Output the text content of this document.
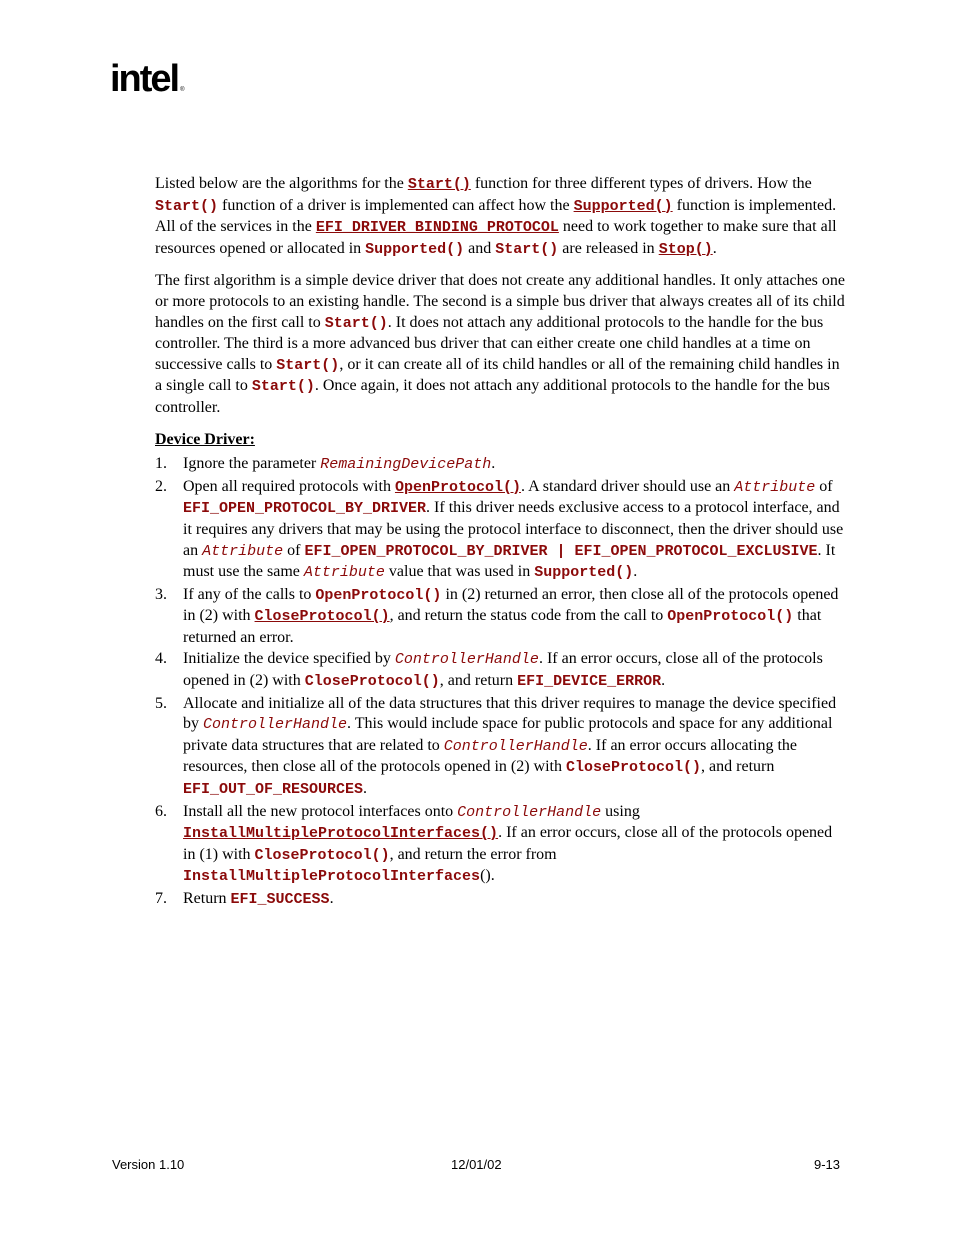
intel ®

Listed below are the algorithms for the Start() function for three different types of drivers. How the Start() function of a driver is implemented can affect how the Supported() function is implemented. All of the services in the EFI_DRIVER_BINDING_PROTOCOL need to work together to make sure that all resources opened or allocated in Supported() and Start() are released in Stop().

The first algorithm is a simple device driver that does not create any additional handles. It only attaches one or more protocols to an existing handle. The second is a simple bus driver that always creates all of its child handles on the first call to Start(). It does not attach any additional protocols to the handle for the bus controller. The third is a more advanced bus driver that can either create one child handles at a time on successive calls to Start(), or it can create all of its child handles or all of the remaining child handles in a single call to Start(). Once again, it does not attach any additional protocols to the handle for the bus controller.

Device Driver:
1. Ignore the parameter RemainingDevicePath.
2. Open all required protocols with OpenProtocol(). A standard driver should use an Attribute of EFI_OPEN_PROTOCOL_BY_DRIVER. If this driver needs exclusive access to a protocol interface, and it requires any drivers that may be using the protocol interface to disconnect, then the driver should use an Attribute of EFI_OPEN_PROTOCOL_BY_DRIVER | EFI_OPEN_PROTOCOL_EXCLUSIVE. It must use the same Attribute value that was used in Supported().
3. If any of the calls to OpenProtocol() in (2) returned an error, then close all of the protocols opened in (2) with CloseProtocol(), and return the status code from the call to OpenProtocol() that returned an error.
4. Initialize the device specified by ControllerHandle. If an error occurs, close all of the protocols opened in (2) with CloseProtocol(), and return EFI_DEVICE_ERROR.
5. Allocate and initialize all of the data structures that this driver requires to manage the device specified by ControllerHandle. This would include space for public protocols and space for any additional private data structures that are related to ControllerHandle. If an error occurs allocating the resources, then close all of the protocols opened in (2) with CloseProtocol(), and return EFI_OUT_OF_RESOURCES.
6. Install all the new protocol interfaces onto ControllerHandle using InstallMultipleProtocolInterfaces(). If an error occurs, close all of the protocols opened in (1) with CloseProtocol(), and return the error from InstallMultipleProtocolInterfaces().
7. Return EFI_SUCCESS.
Version 1.10	12/01/02	9-13
